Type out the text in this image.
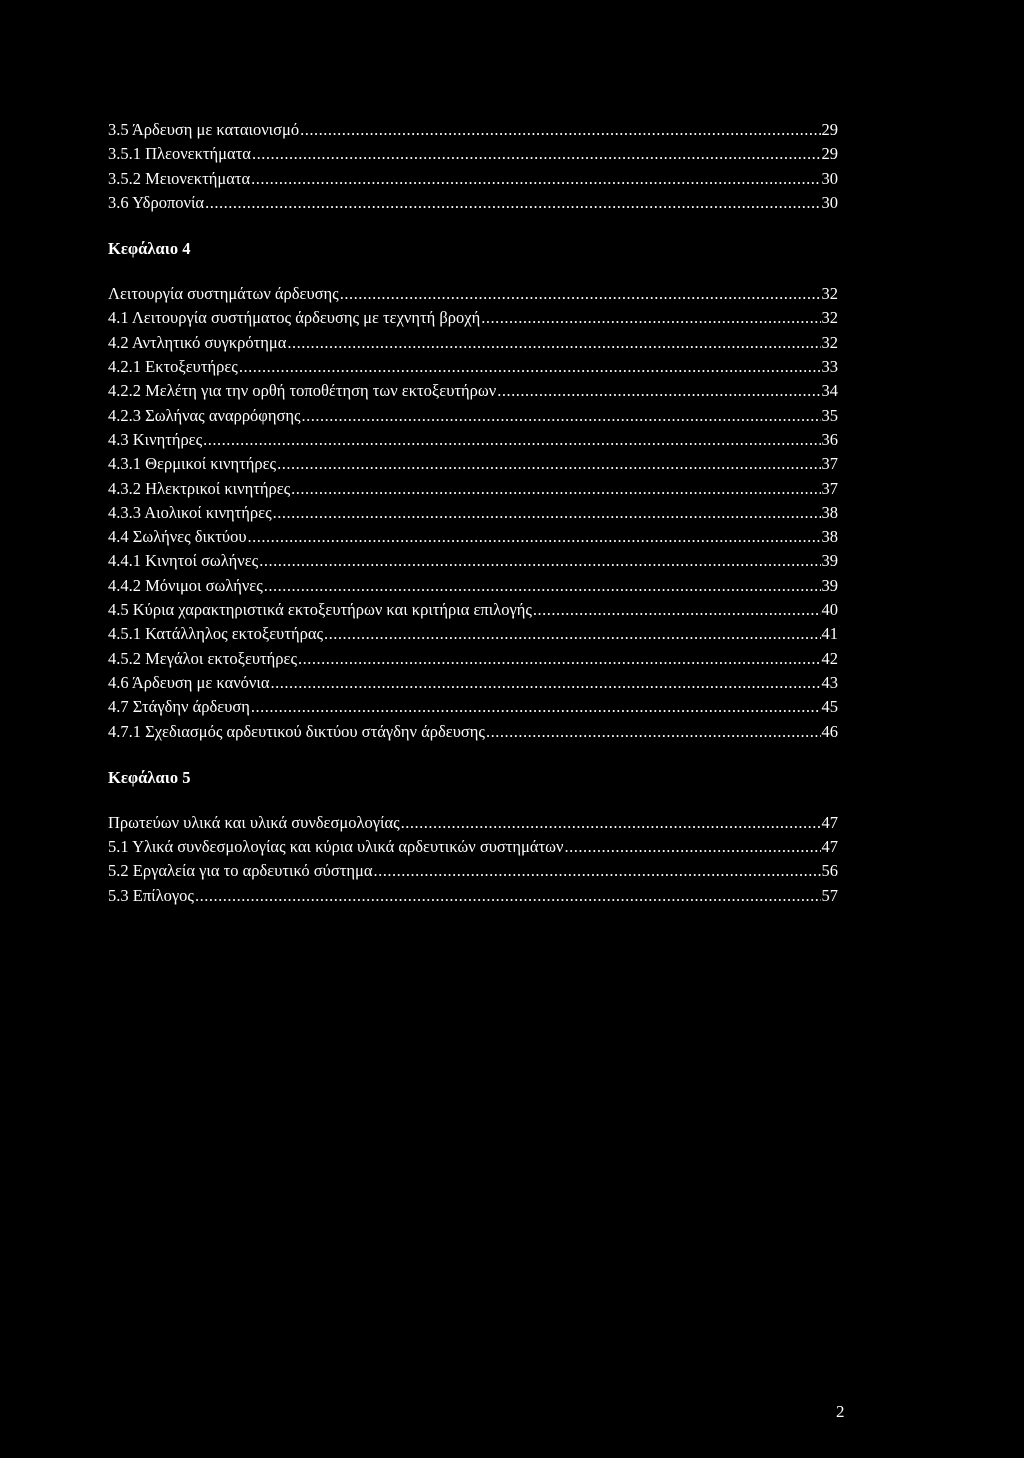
3.5 Άρδευση με καταιονισμό .....	29
3.5.1 Πλεονεκτήματα .....	29
3.5.2 Μειονεκτήματα .....	30
3.6 Υδροπονία .....	30
Κεφάλαιο 4
Λειτουργία συστημάτων άρδευσης .....	32
4.1 Λειτουργία συστήματος άρδευσης με τεχνητή βροχή .....	32
4.2 Αντλητικό συγκρότημα .....	32
4.2.1 Εκτοξευτήρες .....	33
4.2.2 Μελέτη για την ορθή τοποθέτηση των εκτοξευτήρων .....	34
4.2.3 Σωλήνας αναρρόφησης .....	35
4.3 Κινητήρες .....	36
4.3.1 Θερμικοί κινητήρες .....	37
4.3.2 Ηλεκτρικοί κινητήρες .....	37
4.3.3 Αιολικοί κινητήρες .....	38
4.4 Σωλήνες δικτύου .....	38
4.4.1 Κινητοί σωλήνες .....	39
4.4.2 Μόνιμοι σωλήνες .....	39
4.5 Κύρια χαρακτηριστικά εκτοξευτήρων και κριτήρια επιλογής .....	40
4.5.1 Κατάλληλος εκτοξευτήρας .....	41
4.5.2 Μεγάλοι εκτοξευτήρες .....	42
4.6 Άρδευση με κανόνια .....	43
4.7 Στάγδην άρδευση .....	45
4.7.1 Σχεδιασμός αρδευτικού δικτύου στάγδην άρδευσης .....	46
Κεφάλαιο 5
Πρωτεύων υλικά και υλικά συνδεσμολογίας .....	47
5.1 Υλικά συνδεσμολογίας και κύρια υλικά αρδευτικών συστημάτων .....	47
5.2 Εργαλεία για το αρδευτικό σύστημα .....	56
5.3 Επίλογος .....	57
2
